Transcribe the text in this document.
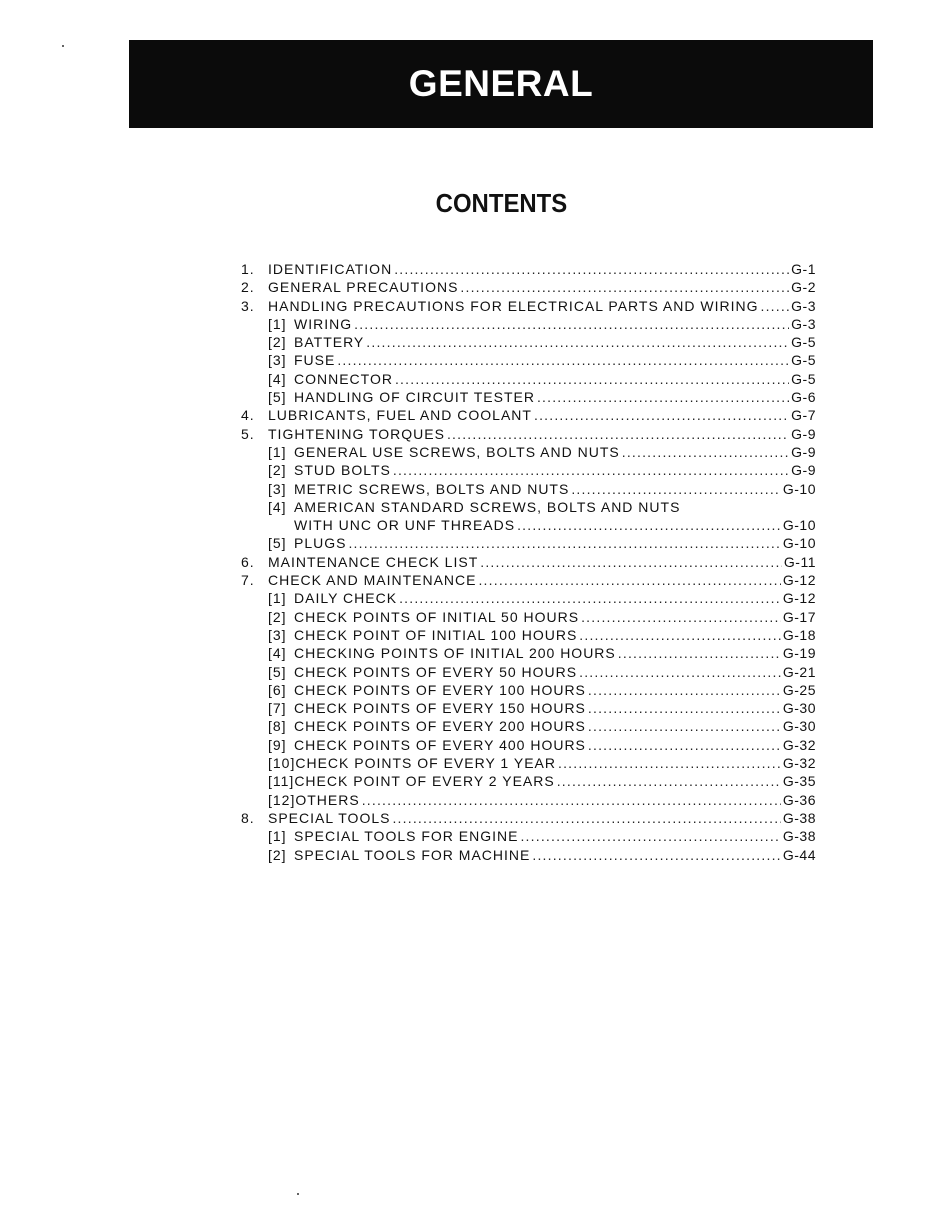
GENERAL
CONTENTS
1. IDENTIFICATION .....	G-1
2. GENERAL PRECAUTIONS .....	G-2
3. HANDLING PRECAUTIONS FOR ELECTRICAL PARTS AND WIRING ..... G-3
[1] WIRING .....	G-3
[2] BATTERY .....	G-5
[3] FUSE .....	G-5
[4] CONNECTOR .....	G-5
[5] HANDLING OF CIRCUIT TESTER .....	G-6
4. LUBRICANTS, FUEL AND COOLANT .....	G-7
5. TIGHTENING TORQUES .....	G-9
[1] GENERAL USE SCREWS, BOLTS AND NUTS .....	G-9
[2] STUD BOLTS .....	G-9
[3] METRIC SCREWS, BOLTS AND NUTS .....	G-10
[4] AMERICAN STANDARD SCREWS, BOLTS AND NUTS
WITH UNC OR UNF THREADS .....	G-10
[5] PLUGS .....	G-10
6. MAINTENANCE CHECK LIST .....	G-11
7. CHECK AND MAINTENANCE .....	G-12
[1] DAILY CHECK .....	G-12
[2] CHECK POINTS OF INITIAL 50 HOURS .....	G-17
[3] CHECK POINT OF INITIAL 100 HOURS .....	G-18
[4] CHECKING POINTS OF INITIAL 200 HOURS .....	G-19
[5] CHECK POINTS OF EVERY 50 HOURS .....	G-21
[6] CHECK POINTS OF EVERY 100 HOURS .....	G-25
[7] CHECK POINTS OF EVERY 150 HOURS .....	G-30
[8] CHECK POINTS OF EVERY 200 HOURS .....	G-30
[9] CHECK POINTS OF EVERY 400 HOURS .....	G-32
[10]CHECK POINTS OF EVERY 1 YEAR .....	G-32
[11]CHECK POINT OF EVERY 2 YEARS .....	G-35
[12]OTHERS .....	G-36
8. SPECIAL TOOLS .....	G-38
[1] SPECIAL TOOLS FOR ENGINE .....	G-38
[2] SPECIAL TOOLS FOR MACHINE .....	G-44
